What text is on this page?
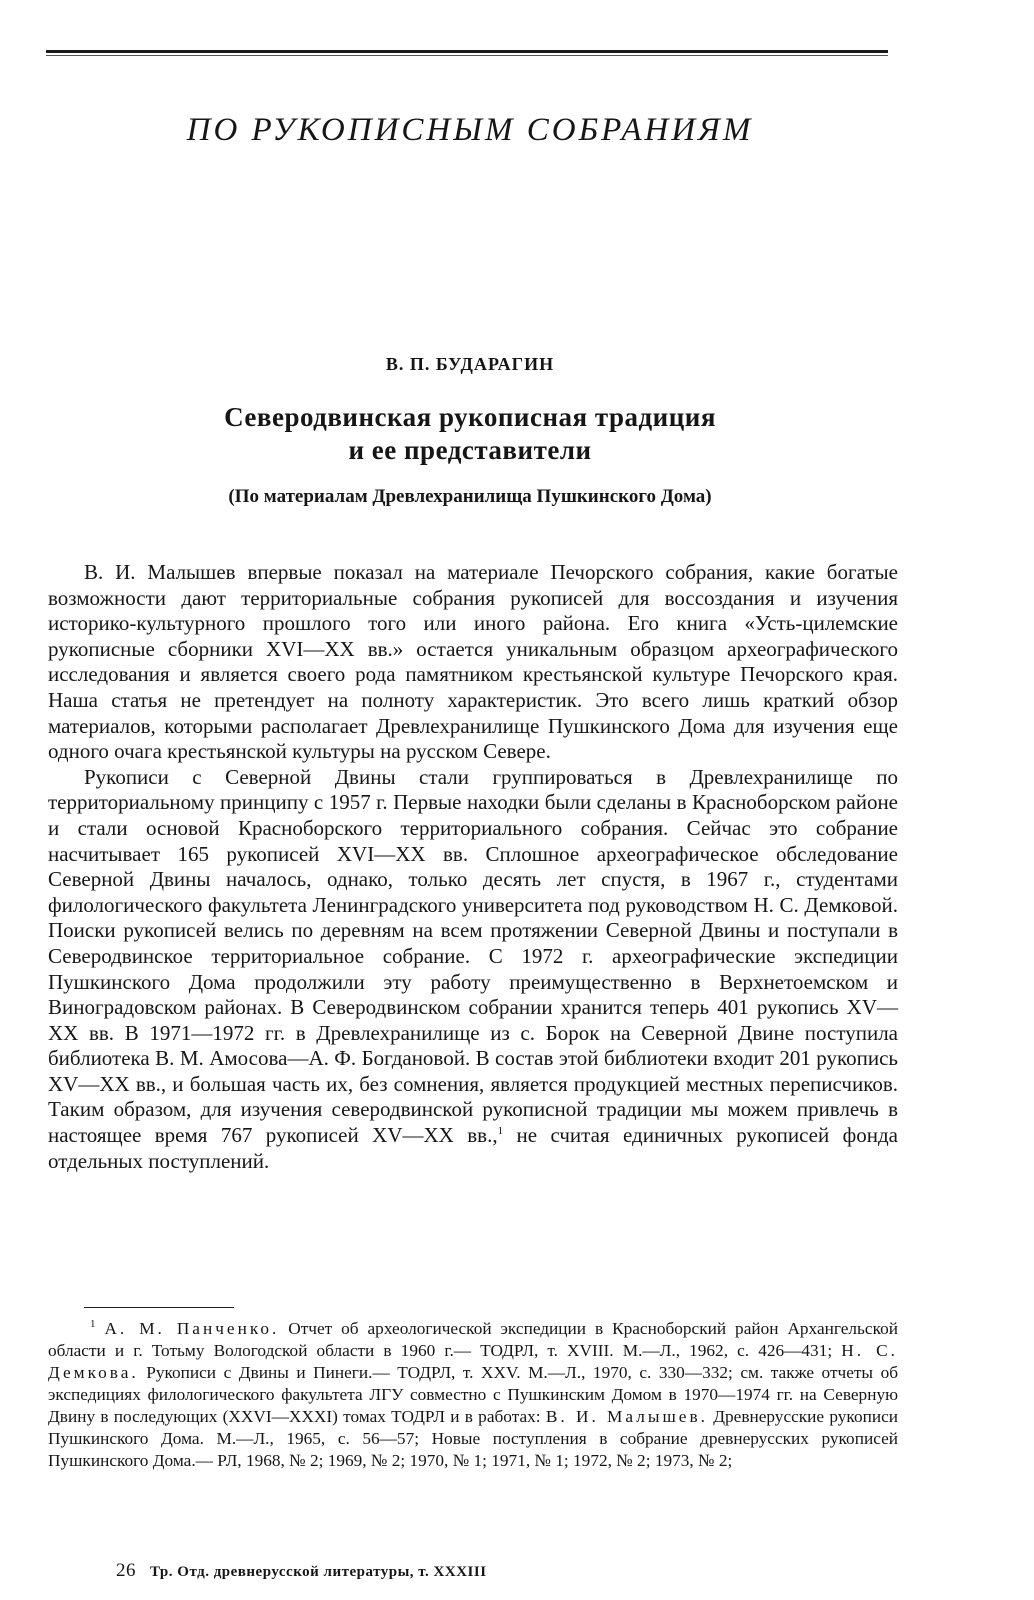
ПО РУКОПИСНЫМ СОБРАНИЯМ
В. П. БУДАРАГИН
Северодвинская рукописная традиция
и ее представители
(По материалам Древлехранилища Пушкинского Дома)

В. И. Малышев впервые показал на материале Печорского собрания, какие богатые возможности дают территориальные собрания рукописей для воссоздания и изучения историко-культурного прошлого того или иного района. Его книга «Усть-цилемские рукописные сборники XVI—XX вв.» остается уникальным образцом археографического исследования и является своего рода памятником крестьянской культуре Печорского края. Наша статья не претендует на полноту характеристик. Это всего лишь краткий обзор материалов, которыми располагает Древлехранилище Пушкинского Дома для изучения еще одного очага крестьянской культуры на русском Севере.

Рукописи с Северной Двины стали группироваться в Древлехранилище по территориальному принципу с 1957 г. Первые находки были сделаны в Красноборском районе и стали основой Красноборского территориального собрания. Сейчас это собрание насчитывает 165 рукописей XVI—XX вв. Сплошное археографическое обследование Северной Двины началось, однако, только десять лет спустя, в 1967 г., студентами филологического факультета Ленинградского университета под руководством Н. С. Демковой. Поиски рукописей велись по деревням на всем протяжении Северной Двины и поступали в Северодвинское территориальное собрание. С 1972 г. археографические экспедиции Пушкинского Дома продолжили эту работу преимущественно в Верхнетоемском и Виноградовском районах. В Северодвинском собрании хранится теперь 401 рукопись XV—XX вв. В 1971—1972 гг. в Древлехранилище из с. Борок на Северной Двине поступила библиотека В. М. Амосова—А. Ф. Богдановой. В состав этой библиотеки входит 201 рукопись XV—XX вв., и большая часть их, без сомнения, является продукцией местных переписчиков. Таким образом, для изучения северодвинской рукописной традиции мы можем привлечь в настоящее время 767 рукописей XV—XX вв.,$^1$ не считая единичных рукописей фонда отдельных поступлений.

$^1$ А. М. Панченко. Отчет об археологической экспедиции в Красноборский район Архангельской области и г. Тотьму Вологодской области в 1960 г.— ТОДРЛ, т. XVIII. М.—Л., 1962, с. 426—431; Н. С. Демкова. Рукописи с Двины и Пинеги.— ТОДРЛ, т. XXV. М.—Л., 1970, с. 330—332; см. также отчеты об экспедициях филологического факультета ЛГУ совместно с Пушкинским Домом в 1970—1974 гг. на Северную Двину в последующих (XXVI—XXXI) томах ТОДРЛ и в работах: В. И. Малышев. Древнерусские рукописи Пушкинского Дома. М.—Л., 1965, с. 56—57; Новые поступления в собрание древнерусских рукописей Пушкинского Дома.— РЛ, 1968, № 2; 1969, № 2; 1970, № 1; 1971, № 1; 1972, № 2; 1973, № 2;
26 Тр. Отд. древнерусской литературы, т. XXXIII
